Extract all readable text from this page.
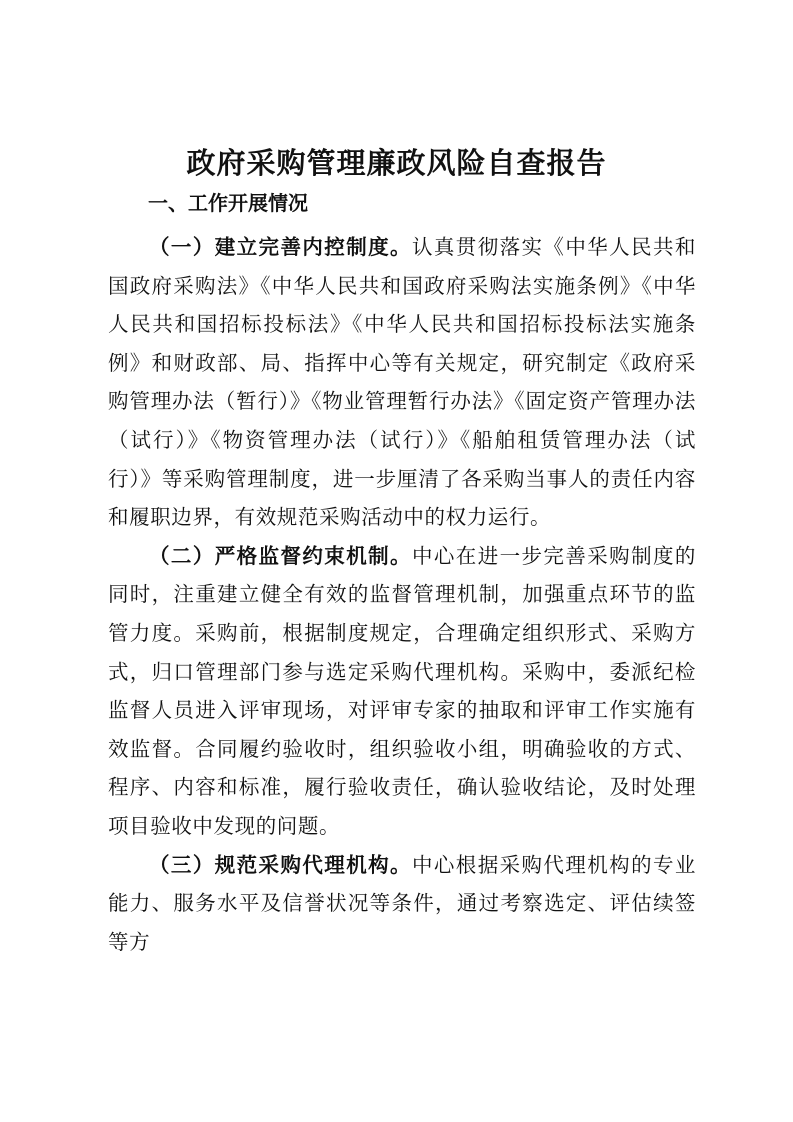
政府采购管理廉政风险自查报告
一、工作开展情况

（一）建立完善内控制度。认真贯彻落实《中华人民共和国政府采购法》《中华人民共和国政府采购法实施条例》《中华人民共和国招标投标法》《中华人民共和国招标投标法实施条例》和财政部、局、指挥中心等有关规定，研究制定《政府采购管理办法（暂行）》《物业管理暂行办法》《固定资产管理办法（试行）》《物资管理办法（试行）》《船舶租赁管理办法（试行）》等采购管理制度，进一步厘清了各采购当事人的责任内容和履职边界，有效规范采购活动中的权力运行。

（二）严格监督约束机制。中心在进一步完善采购制度的同时，注重建立健全有效的监督管理机制，加强重点环节的监管力度。采购前，根据制度规定，合理确定组织形式、采购方式，归口管理部门参与选定采购代理机构。采购中，委派纪检监督人员进入评审现场，对评审专家的抽取和评审工作实施有效监督。合同履约验收时，组织验收小组，明确验收的方式、程序、内容和标准，履行验收责任，确认验收结论，及时处理项目验收中发现的问题。

（三）规范采购代理机构。中心根据采购代理机构的专业能力、服务水平及信誉状况等条件，通过考察选定、评估续签等方
